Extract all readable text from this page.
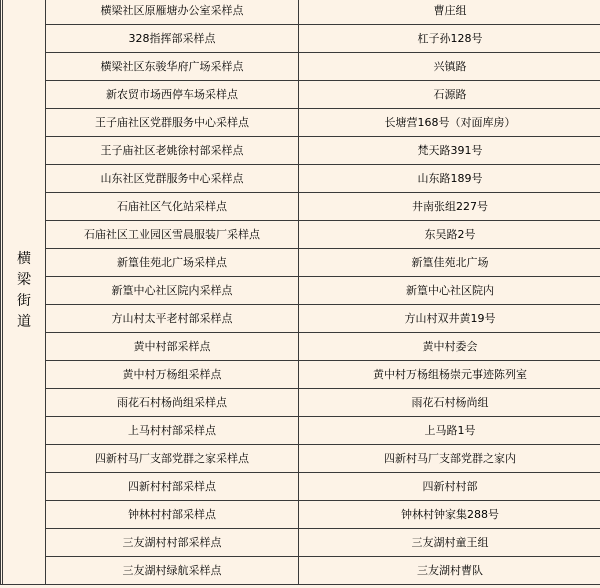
	横梁街道	横梁社区原雁塘办公室采样点	曹庄组
		328指挥部采样点	杠子孙128号
		横梁社区东骏华府广场采样点	兴镇路
		新农贸市场西停车场采样点	石源路
		王子庙社区党群服务中心采样点	长塘营168号（对面库房）
		王子庙社区老姚徐村部采样点	梵天路391号
		山东社区党群服务中心采样点	山东路189号
		石庙社区气化站采样点	井南张组227号
		石庙社区工业园区雪晨服装厂采样点	东吴路2号
		新篁佳苑北广场采样点	新篁佳苑北广场
		新篁中心社区院内采样点	新篁中心社区院内
		方山村太平老村部采样点	方山村双井黄19号
		黄中村部采样点	黄中村委会
		黄中村万杨组采样点	黄中村万杨组杨崇元事迹陈列室
		雨花石村杨尚组采样点	雨花石村杨尚组
		上马村村部采样点	上马路1号
		四新村马厂支部党群之家采样点	四新村马厂支部党群之家内
		四新村村部采样点	四新村村部
		钟林村村部采样点	钟林村钟家集288号
		三友湖村村部采样点	三友湖村童王组
		三友湖村绿航采样点	三友湖村曹队
